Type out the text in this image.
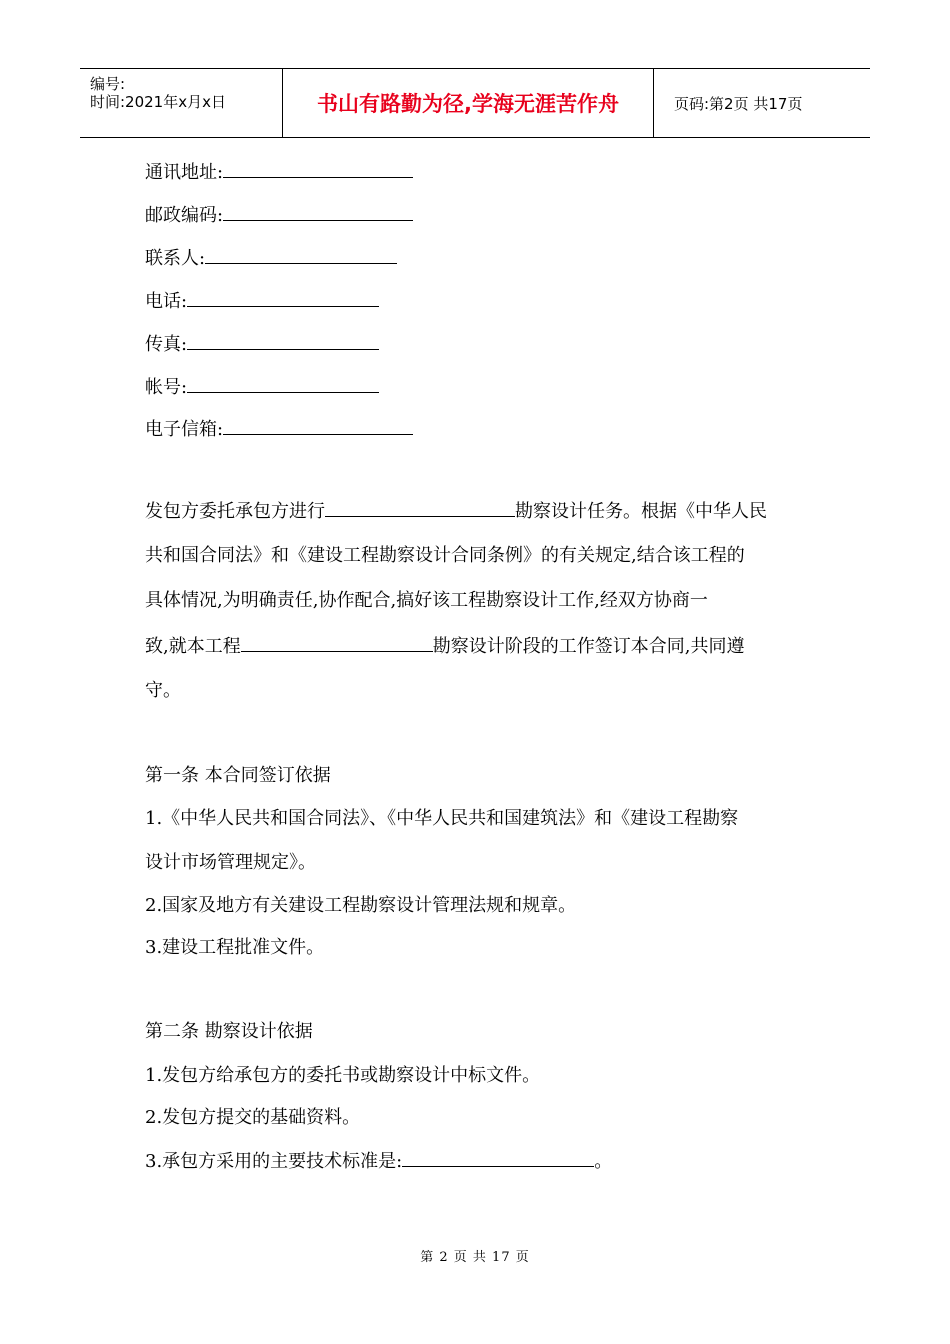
编号:
时间:2021年x月x日	书山有路勤为径,学海无涯苦作舟	页码:第2页 共17页
通讯地址:
邮政编码:
联系人:
电话:
传真:
帐号:
电子信箱:
发包方委托承包方进行	勘察设计任务。根据《中华人民
共和国合同法》和《建设工程勘察设计合同条例》的有关规定,结合该工程的
具体情况,为明确责任,协作配合,搞好该工程勘察设计工作,经双方协商一
致,就本工程	勘察设计阶段的工作签订本合同,共同遵
守。
第一条 本合同签订依据
1.《中华人民共和国合同法》、《中华人民共和国建筑法》和《建设工程勘察
设计市场管理规定》。
2.国家及地方有关建设工程勘察设计管理法规和规章。
3.建设工程批准文件。
第二条 勘察设计依据
1.发包方给承包方的委托书或勘察设计中标文件。
2.发包方提交的基础资料。
3.承包方采用的主要技术标准是:	。
第 2 页 共 17 页
